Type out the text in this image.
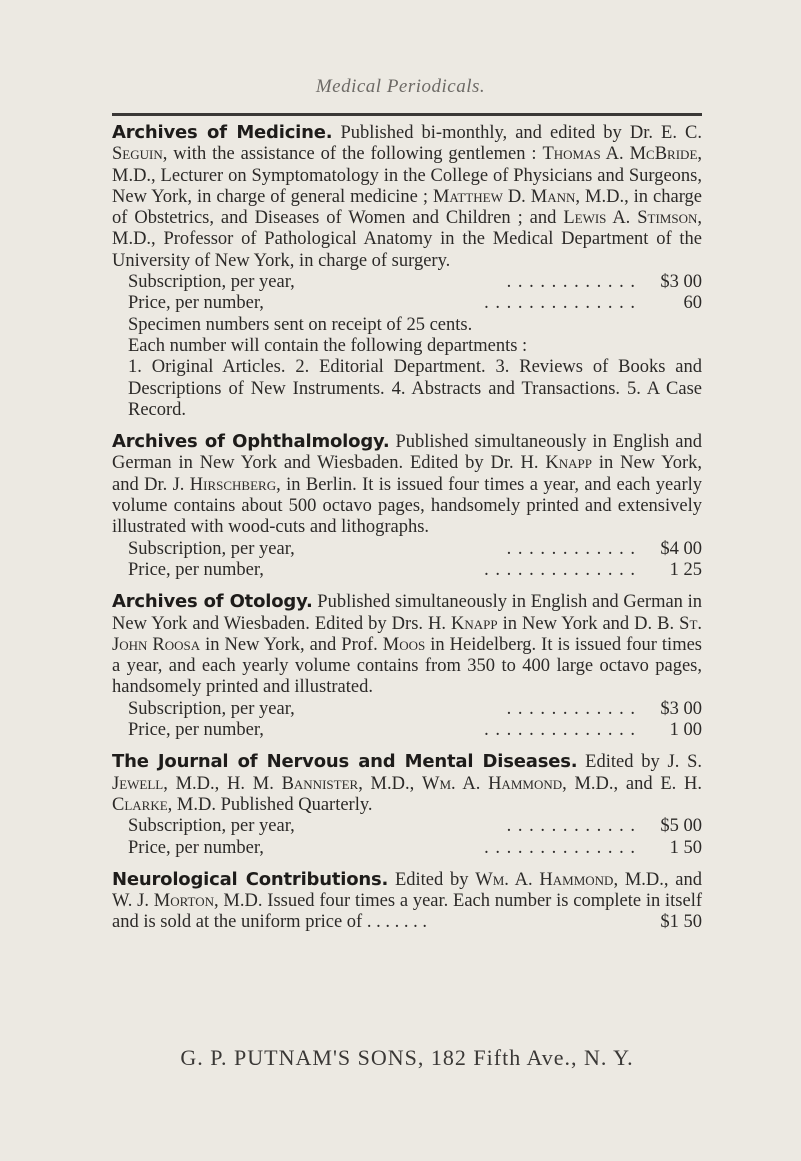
Medical Periodicals.

Archives of Medicine. Published bi-monthly, and edited by Dr. E. C. Seguin, with the assistance of the following gentlemen : Thomas A. McBride, M.D., Lecturer on Symptomatology in the College of Physicians and Surgeons, New York, in charge of general medicine ; Matthew D. Mann, M.D., in charge of Obstetrics, and Diseases of Women and Children ; and Lewis A. Stimson, M.D., Professor of Pathological Anatomy in the Medical Department of the University of New York, in charge of surgery.

Subscription, per year,	. . . . . . . . . . . .	$3 00
Price, per number,	. . . . . . . . . . . . . .	60

Specimen numbers sent on receipt of 25 cents.

Each number will contain the following departments :

1. Original Articles. 2. Editorial Department. 3. Reviews of Books and Descriptions of New Instruments. 4. Abstracts and Transactions. 5. A Case Record.

Archives of Ophthalmology. Published simultaneously in English and German in New York and Wiesbaden. Edited by Dr. H. Knapp in New York, and Dr. J. Hirschberg, in Berlin. It is issued four times a year, and each yearly volume contains about 500 octavo pages, handsomely printed and extensively illustrated with wood-cuts and lithographs.

Subscription, per year,	. . . . . . . . . . . .	$4 00
Price, per number,	. . . . . . . . . . . . . .	1 25

Archives of Otology. Published simultaneously in English and German in New York and Wiesbaden. Edited by Drs. H. Knapp in New York and D. B. St. John Roosa in New York, and Prof. Moos in Heidelberg. It is issued four times a year, and each yearly volume contains from 350 to 400 large octavo pages, handsomely printed and illustrated.

Subscription, per year,	. . . . . . . . . . . .	$3 00
Price, per number,	. . . . . . . . . . . . . .	1 00

The Journal of Nervous and Mental Diseases. Edited by J. S. Jewell, M.D., H. M. Bannister, M.D., Wm. A. Hammond, M.D., and E. H. Clarke, M.D. Published Quarterly.

Subscription, per year,	. . . . . . . . . . . .	$5 00
Price, per number,	. . . . . . . . . . . . . .	1 50

Neurological Contributions. Edited by Wm. A. Hammond, M.D., and W. J. Morton, M.D. Issued four times a year. Each number is complete in itself and is sold at the uniform price of . . . . . . .	$1 50

G. P. PUTNAM'S SONS, 182 Fifth Ave., N. Y.
